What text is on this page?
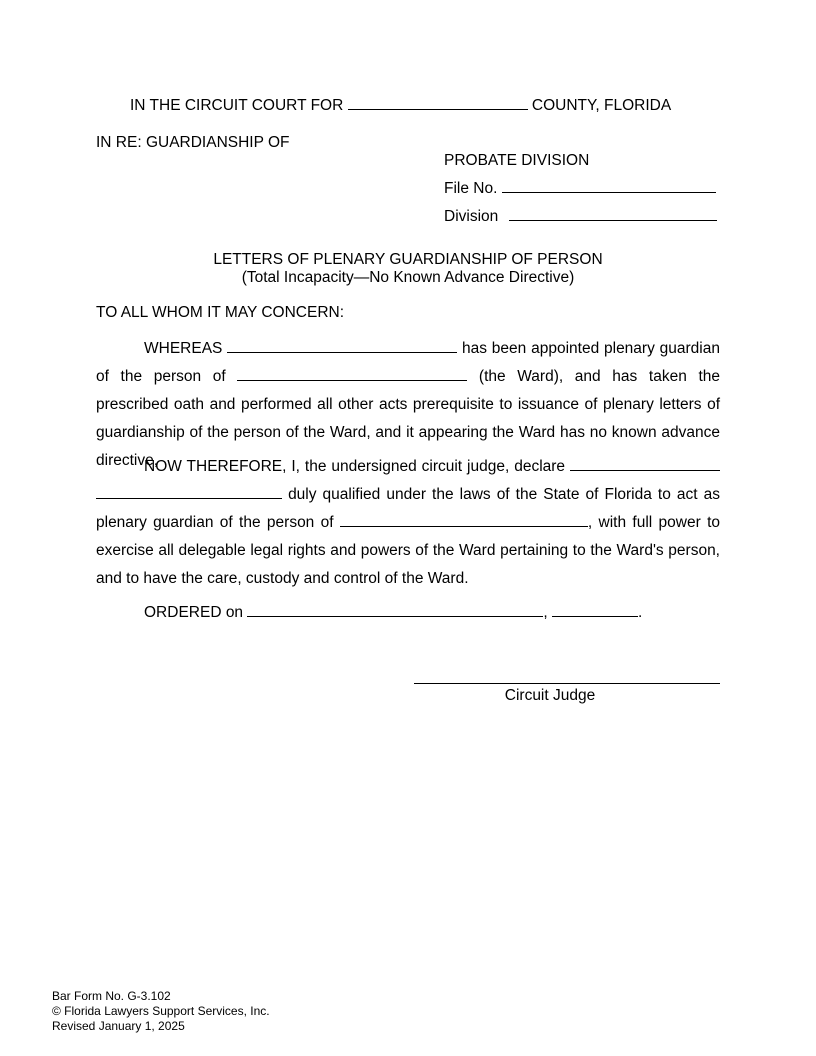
IN THE CIRCUIT COURT FOR	COUNTY, FLORIDA
IN RE: GUARDIANSHIP OF
PROBATE DIVISION
File No.
Division
LETTERS OF PLENARY GUARDIANSHIP OF PERSON
(Total Incapacity—No Known Advance Directive)
TO ALL WHOM IT MAY CONCERN:
WHEREAS	has been appointed plenary guardian of the person of	(the Ward), and has taken the prescribed oath and performed all other acts prerequisite to issuance of plenary letters of guardianship of the person of the Ward, and it appearing the Ward has no known advance directive,
NOW THEREFORE, I, the undersigned circuit judge, declare   duly qualified under the laws of the State of Florida to act as plenary guardian of the person of	, with full power to exercise all delegable legal rights and powers of the Ward pertaining to the Ward's person, and to have the care, custody and control of the Ward.
ORDERED on	,	.
Circuit Judge
Bar Form No. G-3.102
© Florida Lawyers Support Services, Inc.
Revised January 1, 2025
